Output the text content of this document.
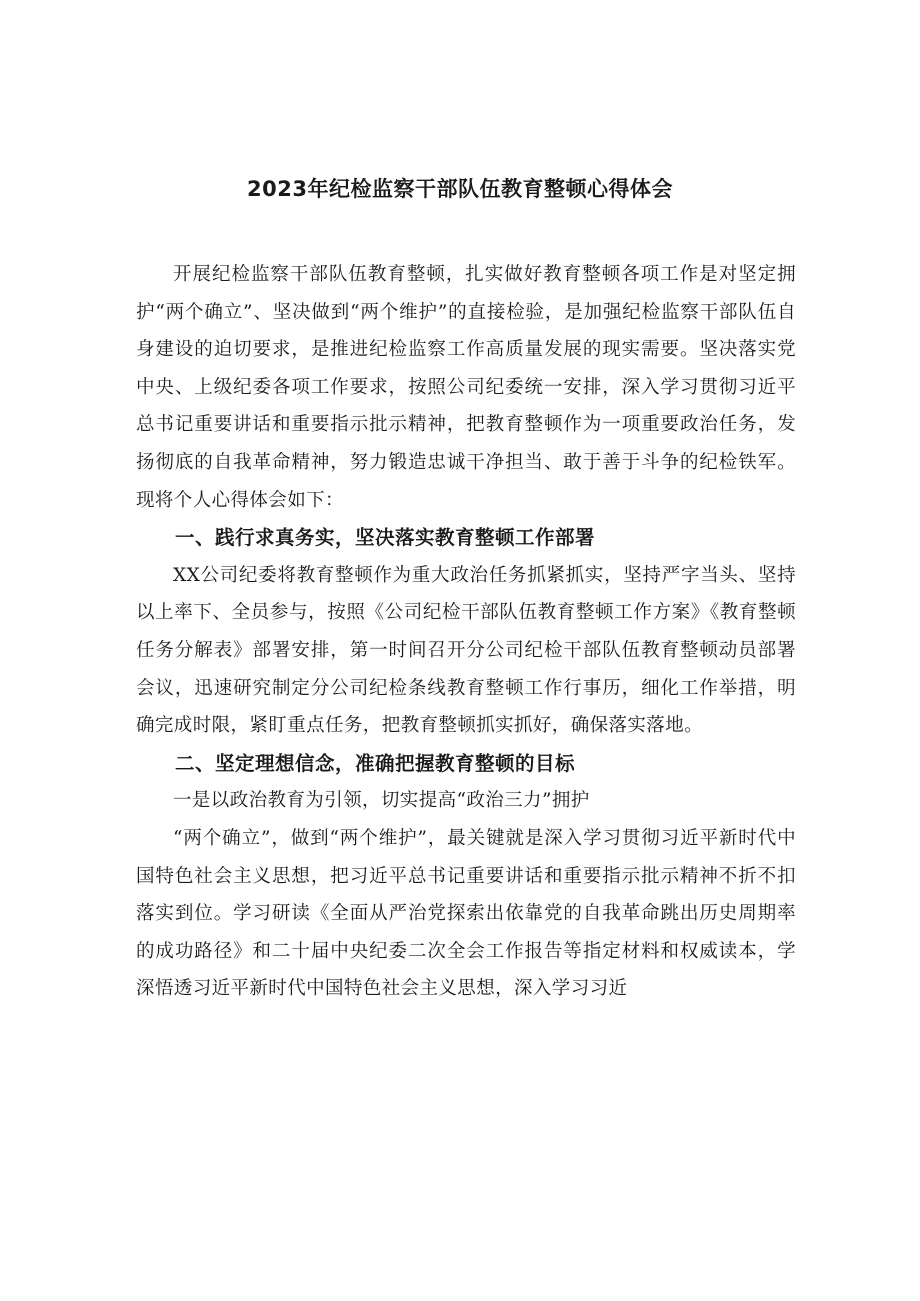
2023年纪检监察干部队伍教育整顿心得体会

开展纪检监察干部队伍教育整顿，扎实做好教育整顿各项工作是对坚定拥护“两个确立”、坚决做到“两个维护”的直接检验，是加强纪检监察干部队伍自身建设的迫切要求，是推进纪检监察工作高质量发展的现实需要。坚决落实党中央、上级纪委各项工作要求，按照公司纪委统一安排，深入学习贯彻习近平总书记重要讲话和重要指示批示精神，把教育整顿作为一项重要政治任务，发扬彻底的自我革命精神，努力锻造忠诚干净担当、敢于善于斗争的纪检铁军。现将个人心得体会如下：

一、践行求真务实，坚决落实教育整顿工作部署

XX公司纪委将教育整顿作为重大政治任务抓紧抓实，坚持严字当头、坚持以上率下、全员参与，按照《公司纪检干部队伍教育整顿工作方案》《教育整顿任务分解表》部署安排，第一时间召开分公司纪检干部队伍教育整顿动员部署会议，迅速研究制定分公司纪检条线教育整顿工作行事历，细化工作举措，明确完成时限，紧盯重点任务，把教育整顿抓实抓好，确保落实落地。

二、坚定理想信念，准确把握教育整顿的目标

一是以政治教育为引领，切实提高“政治三力”拥护

“两个确立”，做到“两个维护”，最关键就是深入学习贯彻习近平新时代中国特色社会主义思想，把习近平总书记重要讲话和重要指示批示精神不折不扣落实到位。学习研读《全面从严治党探索出依靠党的自我革命跳出历史周期率的成功路径》和二十届中央纪委二次全会工作报告等指定材料和权威读本，学深悟透习近平新时代中国特色社会主义思想，深入学习习近
